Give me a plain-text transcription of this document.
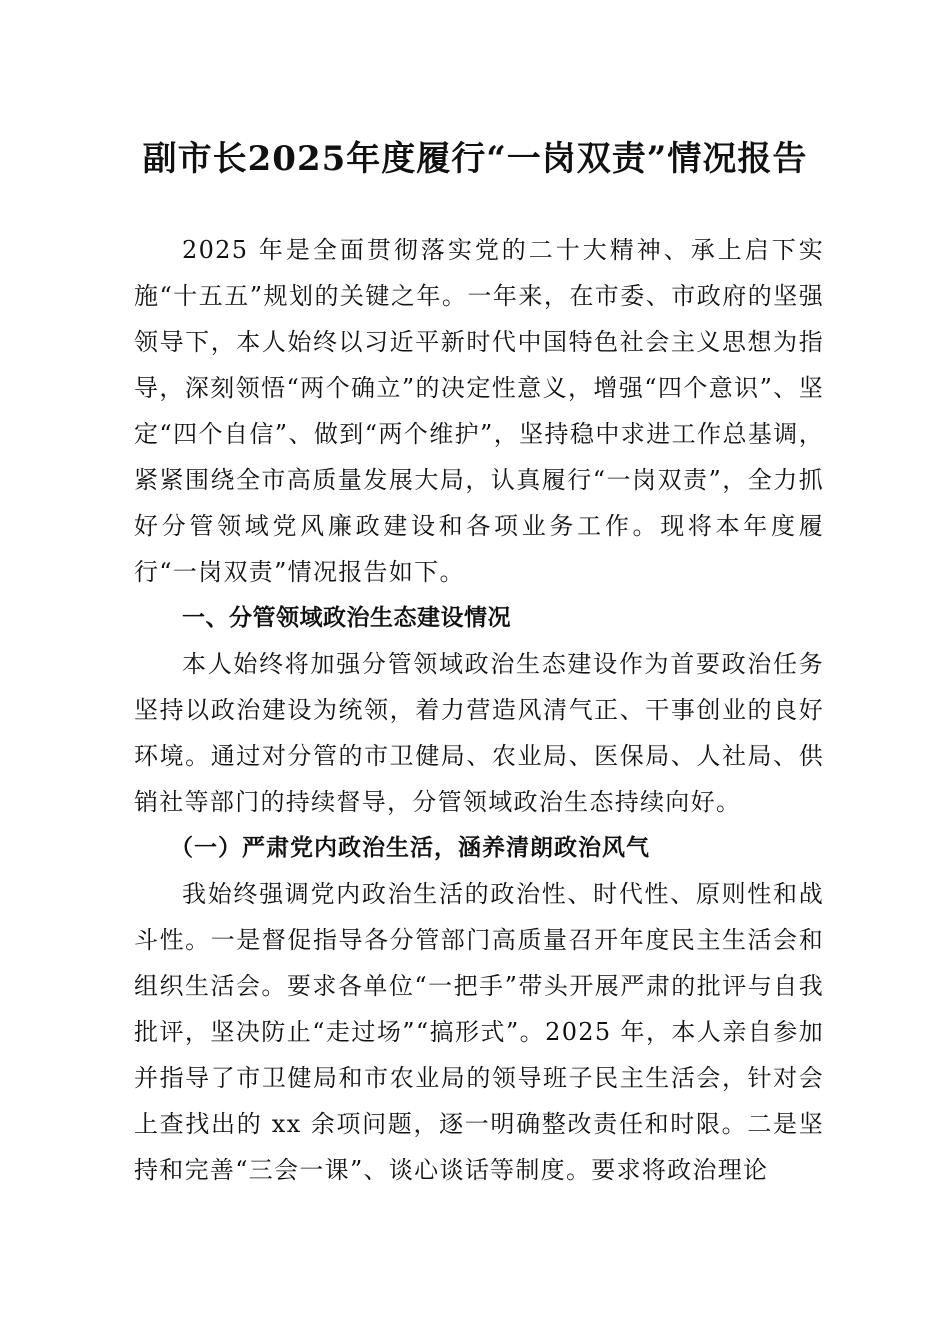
副市长2025年度履行“一岗双责”情况报告

2025 年是全面贯彻落实党的二十大精神、承上启下实施“十五五”规划的关键之年。一年来，在市委、市政府的坚强领导下，本人始终以习近平新时代中国特色社会主义思想为指导，深刻领悟“两个确立”的决定性意义，增强“四个意识”、坚定“四个自信”、做到“两个维护”，坚持稳中求进工作总基调，紧紧围绕全市高质量发展大局，认真履行“一岗双责”，全力抓好分管领域党风廉政建设和各项业务工作。现将本年度履行“一岗双责”情况报告如下。

一、分管领域政治生态建设情况

本人始终将加强分管领域政治生态建设作为首要政治任务坚持以政治建设为统领，着力营造风清气正、干事创业的良好环境。通过对分管的市卫健局、农业局、医保局、人社局、供销社等部门的持续督导，分管领域政治生态持续向好。

（一）严肃党内政治生活，涵养清朗政治风气

我始终强调党内政治生活的政治性、时代性、原则性和战斗性。一是督促指导各分管部门高质量召开年度民主生活会和组织生活会。要求各单位“一把手”带头开展严肃的批评与自我批评，坚决防止“走过场”“搞形式”。2025 年，本人亲自参加并指导了市卫健局和市农业局的领导班子民主生活会，针对会上查找出的 xx 余项问题，逐一明确整改责任和时限。二是坚持和完善“三会一课”、谈心谈话等制度。要求将政治理论
